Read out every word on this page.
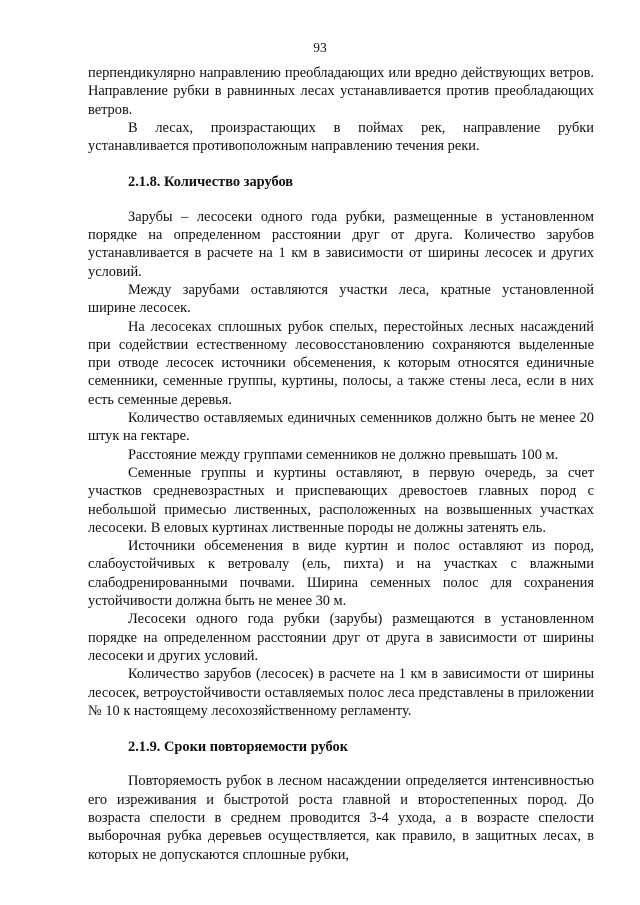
93

перпендикулярно направлению преобладающих или вредно действующих ветров. Направление рубки в равнинных лесах устанавливается против преобладающих ветров.

В лесах, произрастающих в поймах рек, направление рубки устанавливается противоположным направлению течения реки.

2.1.8. Количество зарубов

Зарубы – лесосеки одного года рубки, размещенные в установленном порядке на определенном расстоянии друг от друга. Количество зарубов устанавливается в расчете на 1 км в зависимости от ширины лесосек и других условий.

Между зарубами оставляются участки леса, кратные установленной ширине лесосек.

На лесосеках сплошных рубок спелых, перестойных лесных насаждений при содействии естественному лесовосстановлению сохраняются выделенные при отводе лесосек источники обсеменения, к которым относятся единичные семенники, семенные группы, куртины, полосы, а также стены леса, если в них есть семенные деревья.

Количество оставляемых единичных семенников должно быть не менее 20 штук на гектаре.

Расстояние между группами семенников не должно превышать 100 м.

Семенные группы и куртины оставляют, в первую очередь, за счет участков средневозрастных и приспевающих древостоев главных пород с небольшой примесью лиственных, расположенных на возвышенных участках лесосеки. В еловых куртинах лиственные породы не должны затенять ель.

Источники обсеменения в виде куртин и полос оставляют из пород, слабоустойчивых к ветровалу (ель, пихта) и на участках с влажными слабодренированными почвами. Ширина семенных полос для сохранения устойчивости должна быть не менее 30 м.

Лесосеки одного года рубки (зарубы) размещаются в установленном порядке на определенном расстоянии друг от друга в зависимости от ширины лесосеки и других условий.

Количество зарубов (лесосек) в расчете на 1 км в зависимости от ширины лесосек, ветроустойчивости оставляемых полос леса представлены в приложении № 10 к настоящему лесохозяйственному регламенту.

2.1.9. Сроки повторяемости рубок

Повторяемость рубок в лесном насаждении определяется интенсивностью его изреживания и быстротой роста главной и второстепенных пород. До возраста спелости в среднем проводится 3-4 ухода, а в возрасте спелости выборочная рубка деревьев осуществляется, как правило, в защитных лесах, в которых не допускаются сплошные рубки,
